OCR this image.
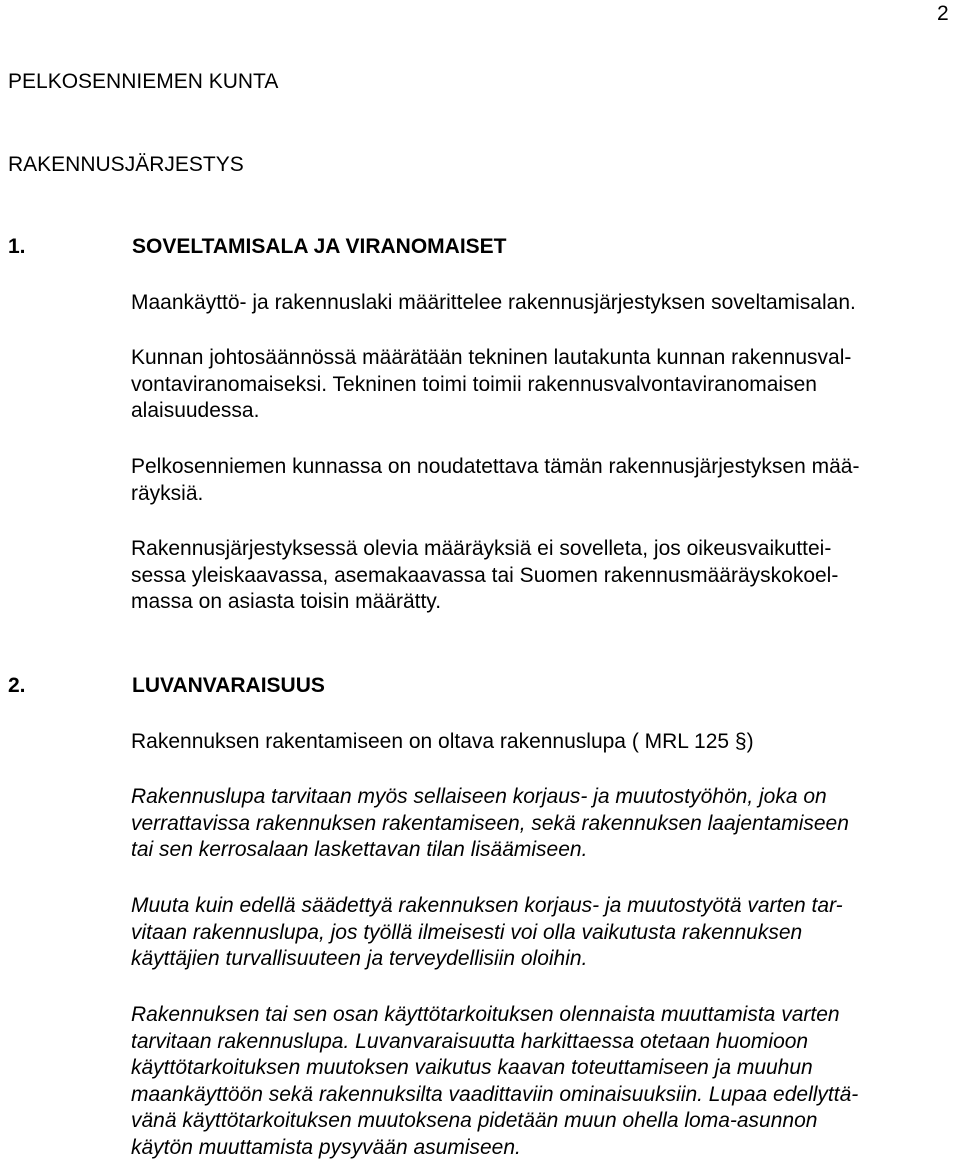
2
PELKOSENNIEMEN KUNTA
RAKENNUSJÄRJESTYS
1.	SOVELTAMISALA JA VIRANOMAISET
Maankäyttö- ja rakennuslaki määrittelee rakennusjärjestyksen soveltamisalan.
Kunnan johtosäännössä määrätään tekninen lautakunta kunnan rakennusval-
vontaviranomaiseksi. Tekninen toimi toimii rakennusvalvontaviranomaisen
alaisuudessa.
Pelkosenniemen kunnassa on noudatettava tämän rakennusjärjestyksen mää-
räyksiä.
Rakennusjärjestyksessä olevia määräyksiä ei sovelleta, jos oikeusvaikuttei-
sessa yleiskaavassa, asemakaavassa tai Suomen rakennusmääräyskokoel-
massa on asiasta toisin määrätty.
2.	LUVANVARAISUUS
Rakennuksen rakentamiseen on oltava rakennuslupa ( MRL 125 §)
Rakennuslupa tarvitaan myös sellaiseen korjaus- ja muutostyöhön, joka on
verrattavissa rakennuksen rakentamiseen, sekä rakennuksen laajentamiseen
tai sen kerrosalaan laskettavan tilan lisäämiseen.
Muuta kuin edellä säädettyä rakennuksen korjaus- ja muutostyötä varten tar-
vitaan rakennuslupa, jos työllä ilmeisesti voi olla vaikutusta rakennuksen
käyttäjien turvallisuuteen ja terveydellisiin oloihin.
Rakennuksen tai sen osan käyttötarkoituksen olennaista muuttamista varten
tarvitaan rakennuslupa. Luvanvaraisuutta harkittaessa otetaan huomioon
käyttötarkoituksen muutoksen vaikutus kaavan toteuttamiseen ja muuhun
maankäyttöön sekä rakennuksilta vaadittaviin ominaisuuksiin. Lupaa edellyttä-
vänä käyttötarkoituksen muutoksena pidetään muun ohella loma-asunnon
käytön muuttamista pysyvään asumiseen.
